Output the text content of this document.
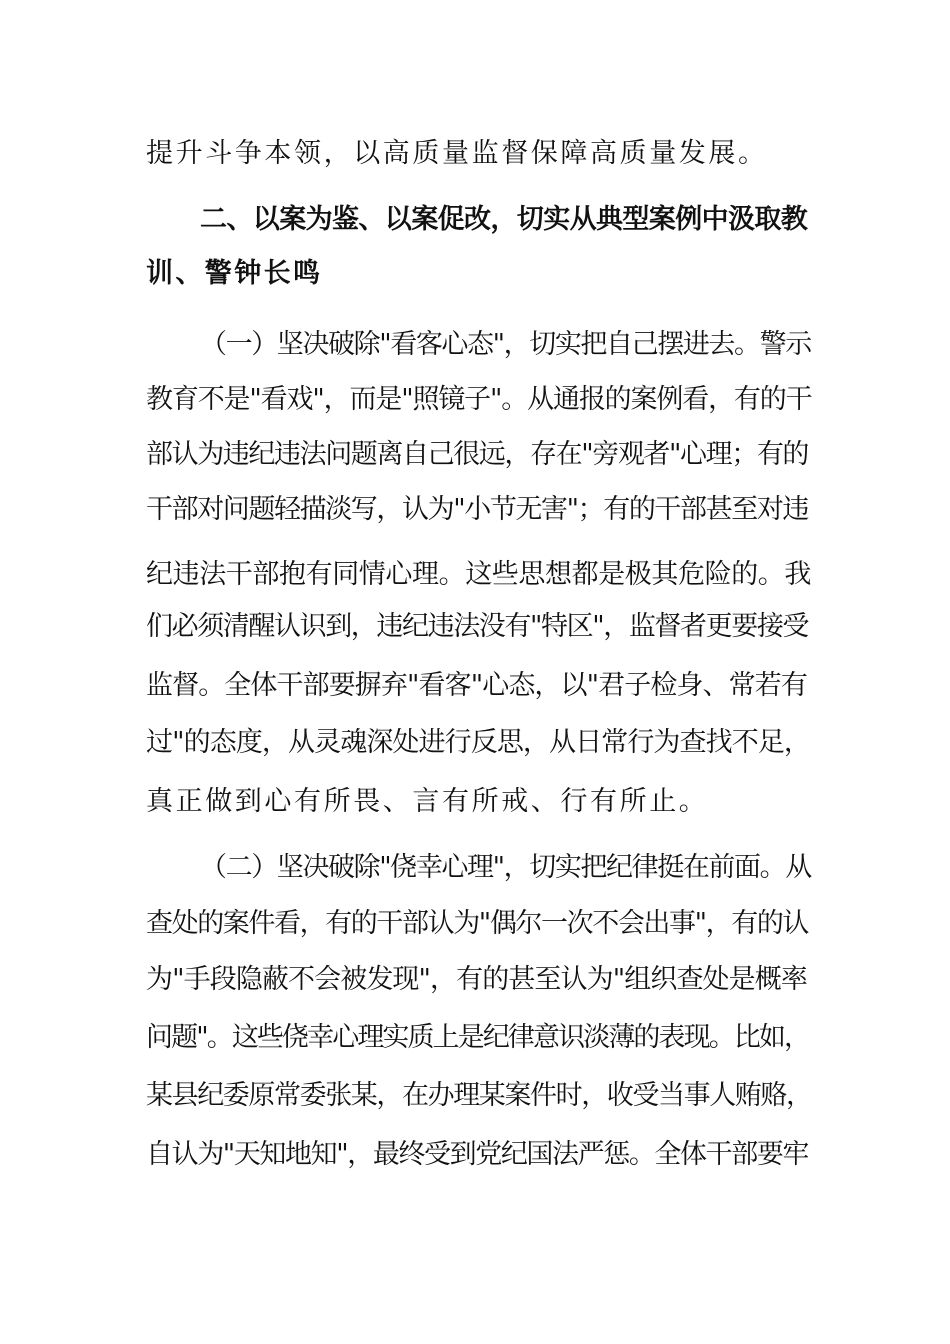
提升斗争本领，以高质量监督保障高质量发展。
二、以案为鉴、以案促改，切实从典型案例中汲取教
训、警钟长鸣
（一）坚决破除"看客心态"，切实把自己摆进去。警示
教育不是"看戏"，而是"照镜子"。从通报的案例看，有的干
部认为违纪违法问题离自己很远，存在"旁观者"心理；有的
干部对问题轻描淡写，认为"小节无害"；有的干部甚至对违
纪违法干部抱有同情心理。这些思想都是极其危险的。我
们必须清醒认识到，违纪违法没有"特区"，监督者更要接受
监督。全体干部要摒弃"看客"心态，以"君子检身、常若有
过"的态度，从灵魂深处进行反思，从日常行为查找不足，
真正做到心有所畏、言有所戒、行有所止。
（二）坚决破除"侥幸心理"，切实把纪律挺在前面。从
查处的案件看，有的干部认为"偶尔一次不会出事"，有的认
为"手段隐蔽不会被发现"，有的甚至认为"组织查处是概率
问题"。这些侥幸心理实质上是纪律意识淡薄的表现。比如，
某县纪委原常委张某，在办理某案件时，收受当事人贿赂，
自认为"天知地知"，最终受到党纪国法严惩。全体干部要牢
